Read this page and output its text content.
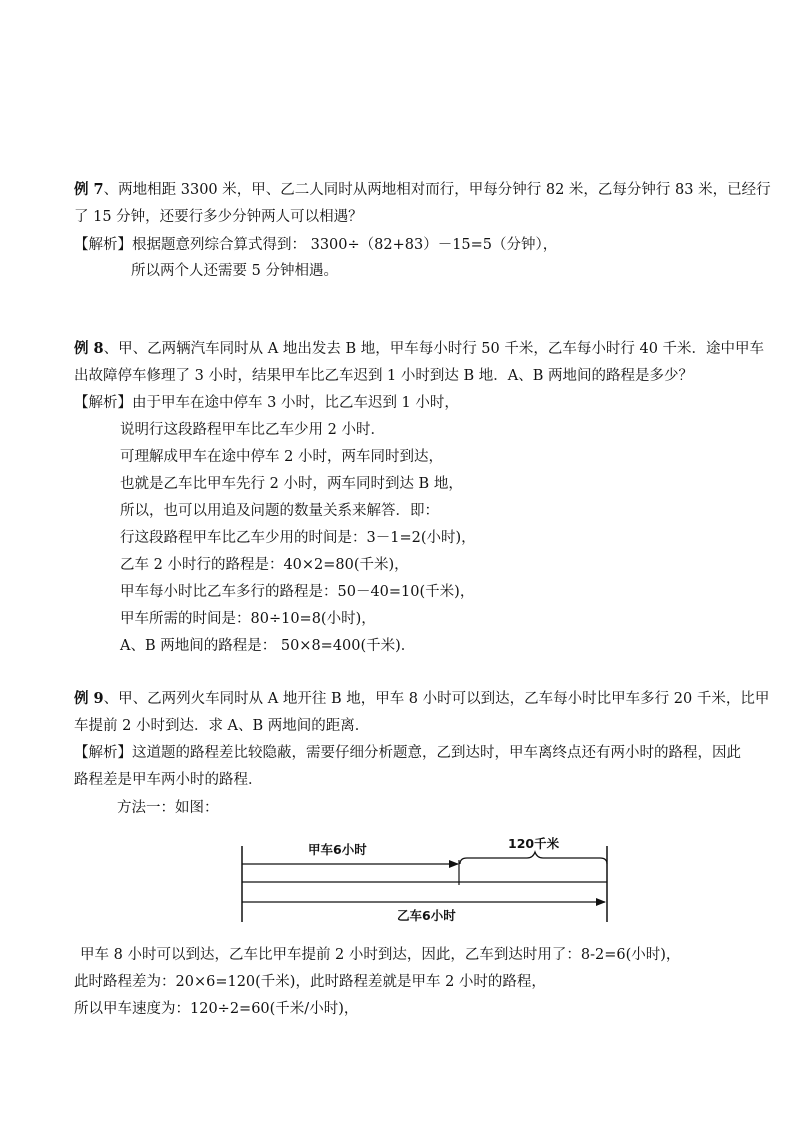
例 7、两地相距 3300 米，甲、乙二人同时从两地相对而行，甲每分钟行 82 米，乙每分钟行 83 米，已经行
了 15 分钟，还要行多少分钟两人可以相遇？
【解析】根据题意列综合算式得到： 3300÷（82+83）－15=5（分钟），
所以两个人还需要 5 分钟相遇。
例 8、甲、乙两辆汽车同时从 A 地出发去 B 地，甲车每小时行 50 千米，乙车每小时行 40 千米．途中甲车
出故障停车修理了 3 小时，结果甲车比乙车迟到 1 小时到达 B 地．A、B 两地间的路程是多少？
【解析】由于甲车在途中停车 3 小时，比乙车迟到 1 小时，
说明行这段路程甲车比乙车少用 2 小时．
可理解成甲车在途中停车 2 小时，两车同时到达，
也就是乙车比甲车先行 2 小时，两车同时到达 B 地，
所以，也可以用追及问题的数量关系来解答．即：
行这段路程甲车比乙车少用的时间是：3－1=2(小时)，
乙车 2 小时行的路程是：40×2=80(千米)，
甲车每小时比乙车多行的路程是：50－40=10(千米)，
甲车所需的时间是：80÷10=8(小时)，
A、B 两地间的路程是： 50×8=400(千米)．
例 9、甲、乙两列火车同时从 A 地开往 B 地，甲车 8 小时可以到达，乙车每小时比甲车多行 20 千米，比甲
车提前 2 小时到达．求 A、B 两地间的距离．
【解析】这道题的路程差比较隐蔽，需要仔细分析题意，乙到达时，甲车离终点还有两小时的路程，因此
路程差是甲车两小时的路程．
方法一：如图：
甲车6小时	120千米
乙车6小时
甲车 8 小时可以到达，乙车比甲车提前 2 小时到达，因此，乙车到达时用了：8-2=6(小时)，
此时路程差为：20×6=120(千米)，此时路程差就是甲车 2 小时的路程，
所以甲车速度为：120÷2=60(千米/小时)，
